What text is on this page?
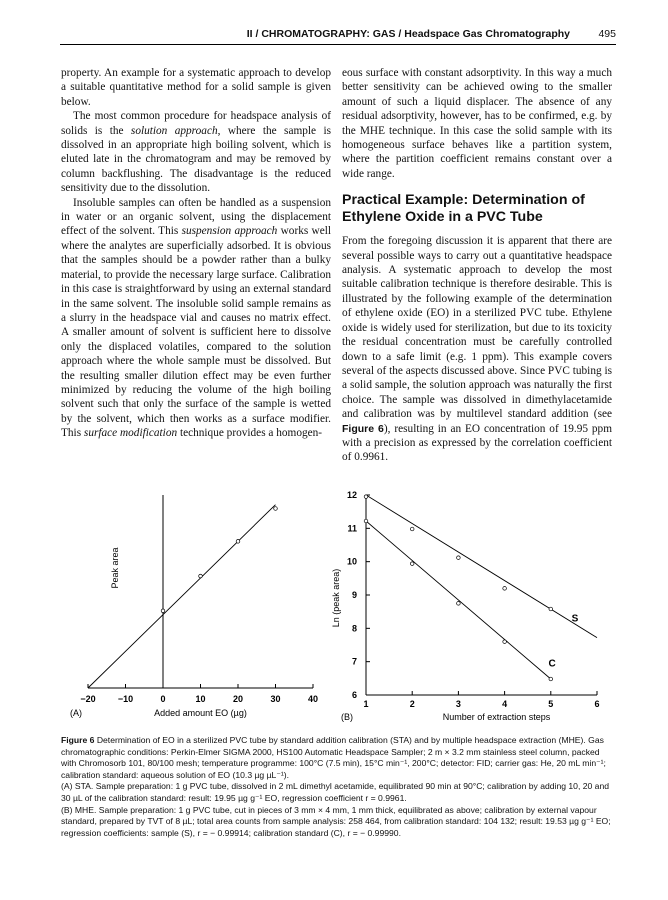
II / CHROMATOGRAPHY: GAS / Headspace Gas Chromatography	495

property. An example for a systematic approach to develop a suitable quantitative method for a solid sample is given below.

The most common procedure for headspace analysis of solids is the solution approach, where the sample is dissolved in an appropriate high boiling solvent, which is eluted late in the chromatogram and may be removed by column backflushing. The disadvantage is the reduced sensitivity due to the dissolution.

Insoluble samples can often be handled as a suspension in water or an organic solvent, using the displacement effect of the solvent. This suspension approach works well where the analytes are superficially adsorbed. It is obvious that the samples should be a powder rather than a bulky material, to provide the necessary large surface. Calibration in this case is straightforward by using an external standard in the same solvent. The insoluble solid sample remains as a slurry in the headspace vial and causes no matrix effect. A smaller amount of solvent is sufficient here to dissolve only the displaced volatiles, compared to the solution approach where the whole sample must be dissolved. But the resulting smaller dilution effect may be even further minimized by reducing the volume of the high boiling solvent such that only the surface of the sample is wetted by the solvent, which then works as a surface modifier. This surface modification technique provides a homogen-

eous surface with constant adsorptivity. In this way a much better sensitivity can be achieved owing to the smaller amount of such a liquid displacer. The absence of any residual adsorptivity, however, has to be confirmed, e.g. by the MHE technique. In this case the solid sample with its homogeneous surface behaves like a partition system, where the partition coefficient remains constant over a wide range.

Practical Example: Determination of Ethylene Oxide in a PVC Tube

From the foregoing discussion it is apparent that there are several possible ways to carry out a quantitative headspace analysis. A systematic approach to develop the most suitable calibration technique is therefore desirable. This is illustrated by the following example of the determination of ethylene oxide (EO) in a sterilized PVC tube. Ethylene oxide is widely used for sterilization, but due to its toxicity the residual concentration must be carefully controlled down to a safe limit (e.g. 1 ppm). This example covers several of the aspects discussed above. Since PVC tubing is a solid sample, the solution approach was naturally the first choice. The sample was dissolved in dimethylacetamide and calibration was by multilevel standard addition (see Figure 6), resulting in an EO concentration of 19.95 ppm with a precision as expressed by the correlation coefficient of 0.9961.

−20 −10	0	10	20	30	40
Added amount EO (µg)
(A)
Peak area
1	2	3	4	5	6
6
7
8
9
10
11
12
Number of extraction steps
(B)
Ln (peak area)	S
C

Figure 6 Determination of EO in a sterilized PVC tube by standard addition calibration (STA) and by multiple headspace extraction (MHE). Gas chromatographic conditions: Perkin-Elmer SIGMA 2000, HS100 Automatic Headspace Sampler; 2 m × 3.2 mm stainless steel column, packed with Chromosorb 101, 80/100 mesh; temperature programme: 100°C (7.5 min), 15°C min⁻¹, 200°C; detector: FID; carrier gas: He, 20 mL min⁻¹; calibration standard: aqueous solution of EO (10.3 µg µL⁻¹).

(A) STA. Sample preparation: 1 g PVC tube, dissolved in 2 mL dimethyl acetamide, equilibrated 90 min at 90°C; calibration by adding 10, 20 and 30 µL of the calibration standard: result: 19.95 µg g⁻¹ EO, regression coefficient r = 0.9961.

(B) MHE. Sample preparation: 1 g PVC tube, cut in pieces of 3 mm × 4 mm, 1 mm thick, equilibrated as above; calibration by external vapour standard, prepared by TVT of 8 µL; total area counts from sample analysis: 258 464, from calibration standard: 104 132; result: 19.53 µg g⁻¹ EO; regression coefficients: sample (S), r = − 0.99914; calibration standard (C), r = − 0.99990.
